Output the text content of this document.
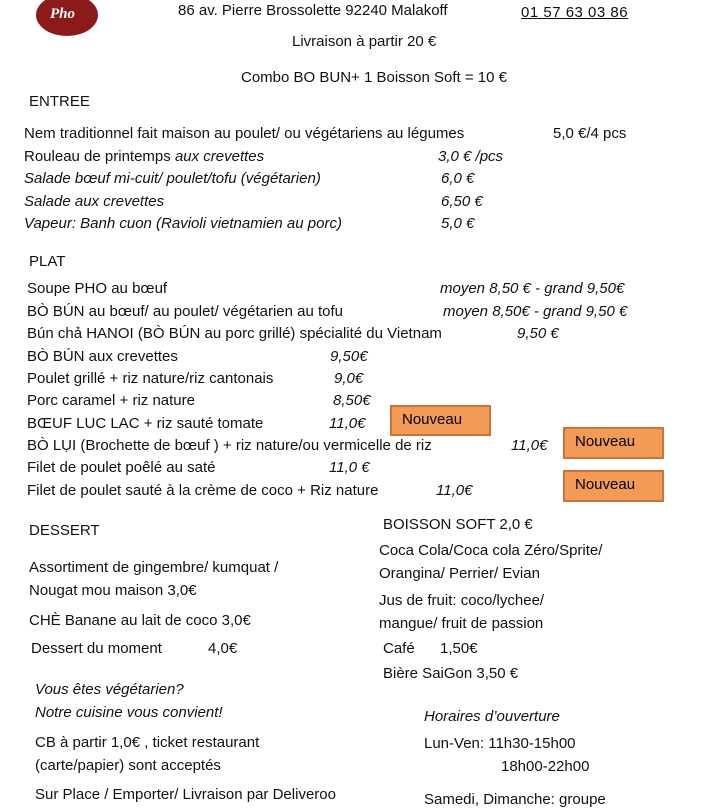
Pho	86 av. Pierre Brossolette 92240 Malakoff	01 57 63 03 86
Livraison à partir 20 €
Combo BO BUN+ 1 Boisson Soft = 10 €
ENTREE
Nem traditionnel fait maison au poulet/ ou végétariens au légumes	5,0 €/4 pcs
Rouleau de printemps aux crevettes	3,0 € /pcs
Salade bœuf mi-cuit/ poulet/tofu (végétarien)	6,0 €
Salade aux crevettes	6,50 €
Vapeur: Banh cuon (Ravioli vietnamien au porc)	5,0 €
PLAT
Soupe PHO au bœuf	moyen 8,50 € - grand 9,50€
BÒ BÚN au bœuf/ au poulet/ végétarien au tofu	moyen 8,50€ - grand 9,50 €
Bún chả HANOI (BÒ BÚN au porc grillé) spécialité du Vietnam	9,50 €
BÒ BÚN aux crevettes	9,50€
Poulet grillé + riz nature/riz cantonais	9,0€
Porc caramel + riz nature	8,50€
BŒUF LUC LAC + riz sauté tomate	11,0€
BÒ LỤI (Brochette de bœuf ) + riz nature/ou vermicelle de riz	11,0€
Filet de poulet poêlé au saté	11,0 €
Filet de poulet sauté à la crème de coco + Riz nature	11,0€
Nouveau
Nouveau
Nouveau
DESSERT
Assortiment de gingembre/ kumquat /
Nougat mou maison 3,0€
CHÈ Banane au lait de coco 3,0€
Dessert du moment	4,0€
BOISSON SOFT 2,0 €
Coca Cola/Coca cola Zéro/Sprite/
Orangina/ Perrier/ Evian
Jus de fruit: coco/lychee/
mangue/ fruit de passion
Café 1,50€
Bière SaiGon 3,50 €
Vous êtes végétarien?
Notre cuisine vous convient!
CB à partir 1,0€ , ticket restaurant
(carte/papier) sont acceptés
Sur Place / Emporter/ Livraison par Deliveroo
Horaires d’ouverture
Lun-Ven: 11h30-15h00
18h00-22h00
Samedi, Dimanche: groupe
